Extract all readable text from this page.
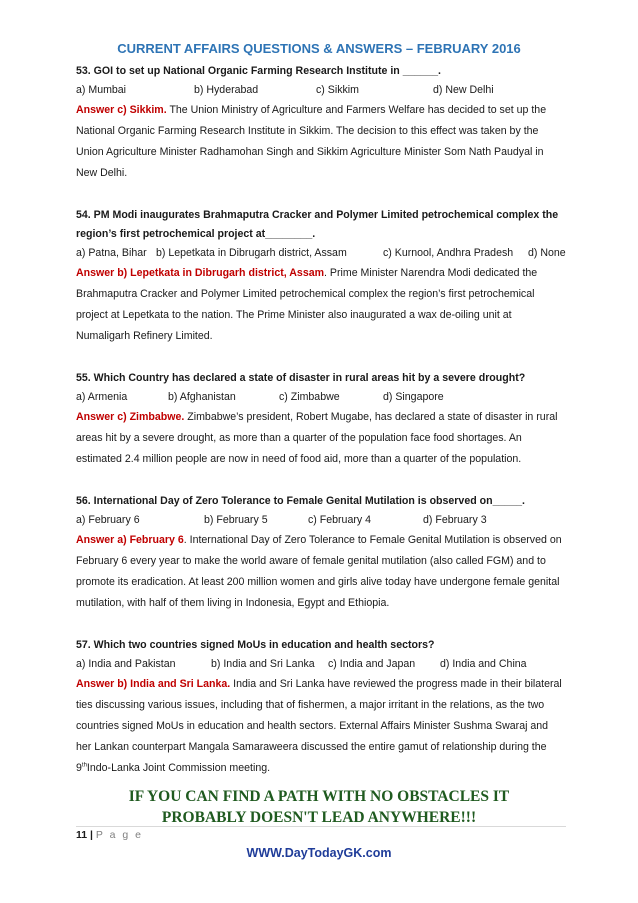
CURRENT AFFAIRS QUESTIONS & ANSWERS – FEBRUARY 2016
53. GOI to set up National Organic Farming Research Institute in ______.
a) Mumbai	b) Hyderabad	c) Sikkim	d) New Delhi
Answer c) Sikkim. The Union Ministry of Agriculture and Farmers Welfare has decided to set up the National Organic Farming Research Institute in Sikkim. The decision to this effect was taken by the Union Agriculture Minister Radhamohan Singh and Sikkim Agriculture Minister Som Nath Paudyal in New Delhi.
54. PM Modi inaugurates Brahmaputra Cracker and Polymer Limited petrochemical complex the region’s first petrochemical project at________.
a) Patna, Bihar b) Lepetkata in Dibrugarh district, Assam	c) Kurnool, Andhra Pradesh d) None
Answer b) Lepetkata in Dibrugarh district, Assam. Prime Minister Narendra Modi dedicated the Brahmaputra Cracker and Polymer Limited petrochemical complex the region’s first petrochemical project at Lepetkata to the nation. The Prime Minister also inaugurated a wax de-oiling unit at Numaligarh Refinery Limited.
55. Which Country has declared a state of disaster in rural areas hit by a severe drought?
a) Armenia	b) Afghanistan	c) Zimbabwe	d) Singapore
Answer c) Zimbabwe. Zimbabwe’s president, Robert Mugabe, has declared a state of disaster in rural areas hit by a severe drought, as more than a quarter of the population face food shortages. An estimated 2.4 million people are now in need of food aid, more than a quarter of the population.
56. International Day of Zero Tolerance to Female Genital Mutilation is observed on_____.
a) February 6	b) February 5	c) February 4	d) February 3
Answer a) February 6. International Day of Zero Tolerance to Female Genital Mutilation is observed on February 6 every year to make the world aware of female genital mutilation (also called FGM) and to promote its eradication. At least 200 million women and girls alive today have undergone female genital mutilation, with half of them living in Indonesia, Egypt and Ethiopia.
57. Which two countries signed MoUs in education and health sectors?
a) India and Pakistan	b) India and Sri Lanka c) India and Japan d) India and China
Answer b) India and Sri Lanka. India and Sri Lanka have reviewed the progress made in their bilateral ties discussing various issues, including that of fishermen, a major irritant in the relations, as the two countries signed MoUs in education and health sectors. External Affairs Minister Sushma Swaraj and her Lankan counterpart Mangala Samaraweera discussed the entire gamut of relationship during the 9thIndo-Lanka Joint Commission meeting.
IF YOU CAN FIND A PATH WITH NO OBSTACLES IT
PROBABLY DOESN'T LEAD ANYWHERE!!!
11 | P a g e
WWW.DayTodayGK.com
